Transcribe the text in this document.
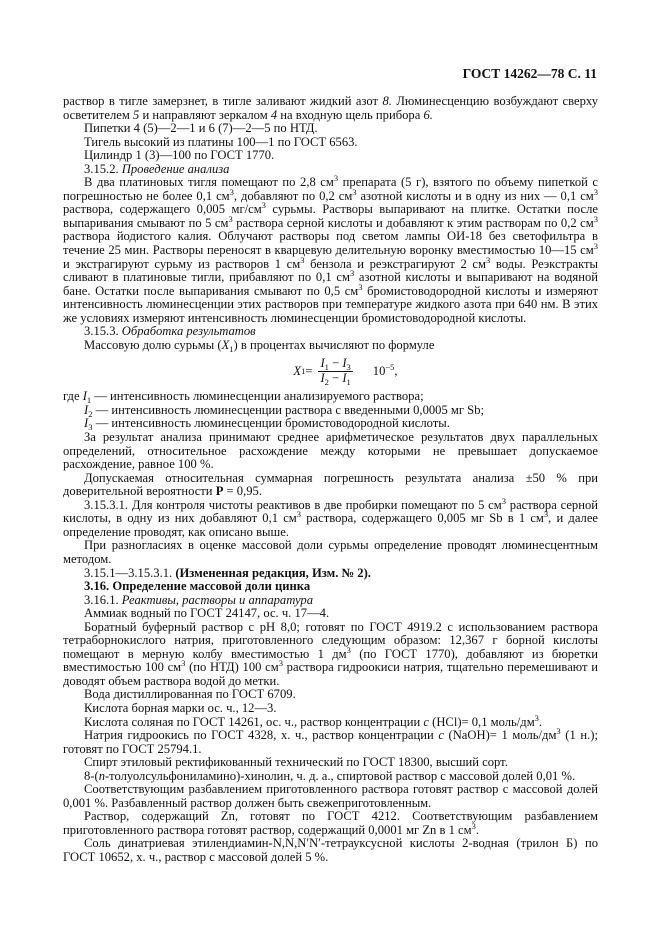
ГОСТ 14262—78 С. 11

раствор в тигле замерзнет, в тигле заливают жидкий азот 8. Люминесценцию возбуждают сверху осветителем 5 и направляют зеркалом 4 на входную щель прибора 6.

Пипетки 4 (5)—2—1 и 6 (7)—2—5 по НТД.

Тигель высокий из платины 100—1 по ГОСТ 6563.

Цилиндр 1 (3)—100 по ГОСТ 1770.

3.15.2. Проведение анализа

В два платиновых тигля помещают по 2,8 $см^3$ препарата (5 г), взятого по объему пипеткой с погрешностью не более 0,1 $см^3$, добавляют по 0,2 $см^3$ азотной кислоты и в одну из них — 0,1 $см^3$ раствора, содержащего 0,005 $мг/см^3$ сурьмы. Растворы выпаривают на плитке. Остатки после выпаривания смывают по 5 $см^3$ раствора серной кислоты и добавляют к этим растворам по 0,2 $см^3$ раствора йодистого калия. Облучают растворы под светом лампы ОИ-18 без светофильтра в течение 25 мин. Растворы переносят в кварцевую делительную воронку вместимостью 10—15 $см^3$ и экстрагируют сурьму из растворов 1 $см^3$ бензола и реэкстрагируют 2 $см^3$ воды. Реэкстракты сливают в платиновые тигли, прибавляют по 0,1 $см^3$ азотной кислоты и выпаривают на водяной бане. Остатки после выпаривания смывают по 0,5 $см^3$ бромистоводородной кислоты и измеряют интенсивность люминесценции этих растворов при температуре жидкого азота при 640 нм. В этих же условиях измеряют интенсивность люминесценции бромистоводородной кислоты.

3.15.3. Обработка результатов

Массовую долю сурьмы $(X_1)$ в процентах вычисляют по формуле

X $1 = \frac{I_1 - I_3}{I_2 - I_1} 10^{-5}$,

где $I_1$ — интенсивность люминесценции анализируемого раствора;

$I_2$ — интенсивность люминесценции раствора с введенными 0,0005 мг Sb;

$I_3$ — интенсивность люминесценции бромистоводородной кислоты.

За результат анализа принимают среднее арифметическое результатов двух параллельных определений, относительное расхождение между которыми не превышает допускаемое расхождение, равное 100 %.

Допускаемая относительная суммарная погрешность результата анализа ±50 % при доверительной вероятности P = 0,95.

3.15.3.1. Для контроля чистоты реактивов в две пробирки помещают по 5 $см^3$ раствора серной кислоты, в одну из них добавляют 0,1 $см^3$ раствора, содержащего 0,005 мг Sb в 1 $см^3$, и далее определение проводят, как описано выше.

При разногласиях в оценке массовой доли сурьмы определение проводят люминесцентным методом.

3.15.1—3.15.3.1. (Измененная редакция, Изм. № 2).

3.16. Определение массовой доли цинка

3.16.1. Реактивы, растворы и аппаратура

Аммиак водный по ГОСТ 24147, ос. ч. 17—4.

Боратный буферный раствор с рН 8,0; готовят по ГОСТ 4919.2 с использованием раствора тетраборнокислого натрия, приготовленного следующим образом: 12,367 г борной кислоты помещают в мерную колбу вместимостью 1 $дм^3$ (по ГОСТ 1770), добавляют из бюретки вместимостью 100 $см^3$ (по НТД) 100 $см^3$ раствора гидроокиси натрия, тщательно перемешивают и доводят объем раствора водой до метки.

Вода дистиллированная по ГОСТ 6709.

Кислота борная марки ос. ч., 12—3.

Кислота соляная по ГОСТ 14261, ос. ч., раствор концентрации c (HCl)= 0,1 моль/$дм^3$.

Натрия гидроокись по ГОСТ 4328, х. ч., раствор концентрации c (NaOH)= 1 моль/$дм^3$ (1 н.); готовят по ГОСТ 25794.1.

Спирт этиловый ректификованный технический по ГОСТ 18300, высший сорт.

8-(n-толуолсульфониламино)-хинолин, ч. д. а., спиртовой раствор с массовой долей 0,01 %.

Соответствующим разбавлением приготовленного раствора готовят раствор с массовой долей 0,001 %. Разбавленный раствор должен быть свежеприготовленным.

Раствор, содержащий Zn, готовят по ГОСТ 4212. Соответствующим разбавлением приготовленного раствора готовят раствор, содержащий 0,0001 мг Zn в 1 $см^3$.

Соль динатриевая этилендиамин-N,N,N′N′-тетрауксусной кислоты 2-водная (трилон Б) по ГОСТ 10652, х. ч., раствор с массовой долей 5 %.
